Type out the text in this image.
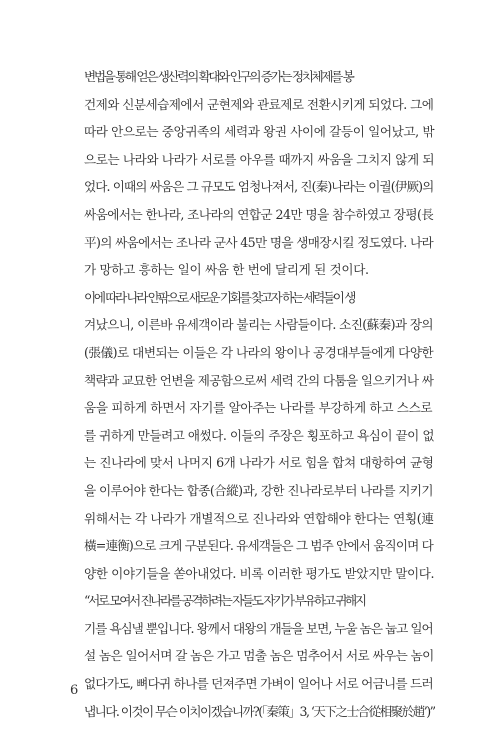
변법을 통해 얻은 생산력의 확대와 인구의 증가는 정치체제를 봉
건제와 신분세습제에서 군현제와 관료제로 전환시키게 되었다. 그에
따라 안으로는 중앙귀족의 세력과 왕권 사이에 갈등이 일어났고, 밖
으로는 나라와 나라가 서로를 아우를 때까지 싸움을 그치지 않게 되
었다. 이때의 싸움은 그 규모도 엄청나져서, 진(秦)나라는 이궐(伊厥)의
싸움에서는 한나라, 조나라의 연합군 24만 명을 참수하였고 장평(長
平)의 싸움에서는 조나라 군사 45만 명을 생매장시킬 정도였다. 나라
가 망하고 흥하는 일이 싸움 한 번에 달리게 된 것이다.

이에 따라 나라 안팎으로 새로운 기회를 찾고자 하는 세력들이 생
겨났으니, 이른바 유세객이라 불리는 사람들이다. 소진(蘇秦)과 장의
(張儀)로 대변되는 이들은 각 나라의 왕이나 공경대부들에게 다양한
책략과 교묘한 언변을 제공함으로써 세력 간의 다툼을 일으키거나 싸
움을 피하게 하면서 자기를 알아주는 나라를 부강하게 하고 스스로
를 귀하게 만들려고 애썼다. 이들의 주장은 횡포하고 욕심이 끝이 없
는 진나라에 맞서 나머지 6개 나라가 서로 힘을 합쳐 대항하여 균형
을 이루어야 한다는 합종(合縱)과, 강한 진나라로부터 나라를 지키기
위해서는 각 나라가 개별적으로 진나라와 연합해야 한다는 연횡(連
橫=連衡)으로 크게 구분된다. 유세객들은 그 범주 안에서 움직이며 다
양한 이야기들을 쏟아내었다. 비록 이러한 평가도 받았지만 말이다.

“서로 모여서 진나라를 공격하려는 자들도 자기가 부유하고 귀해지
기를 욕심낼 뿐입니다. 왕께서 대왕의 개들을 보면, 누울 놈은 눕고 일어
설 놈은 일어서며 갈 놈은 가고 멈출 놈은 멈추어서 서로 싸우는 놈이
없다가도, 뼈다귀 하나를 던져주면 가벼이 일어나 서로 어금니를 드러
냅니다. 이것이 무슨 이치이겠습니까?(「秦策」3, ‘天下之士合從相聚於趙’)”

6
